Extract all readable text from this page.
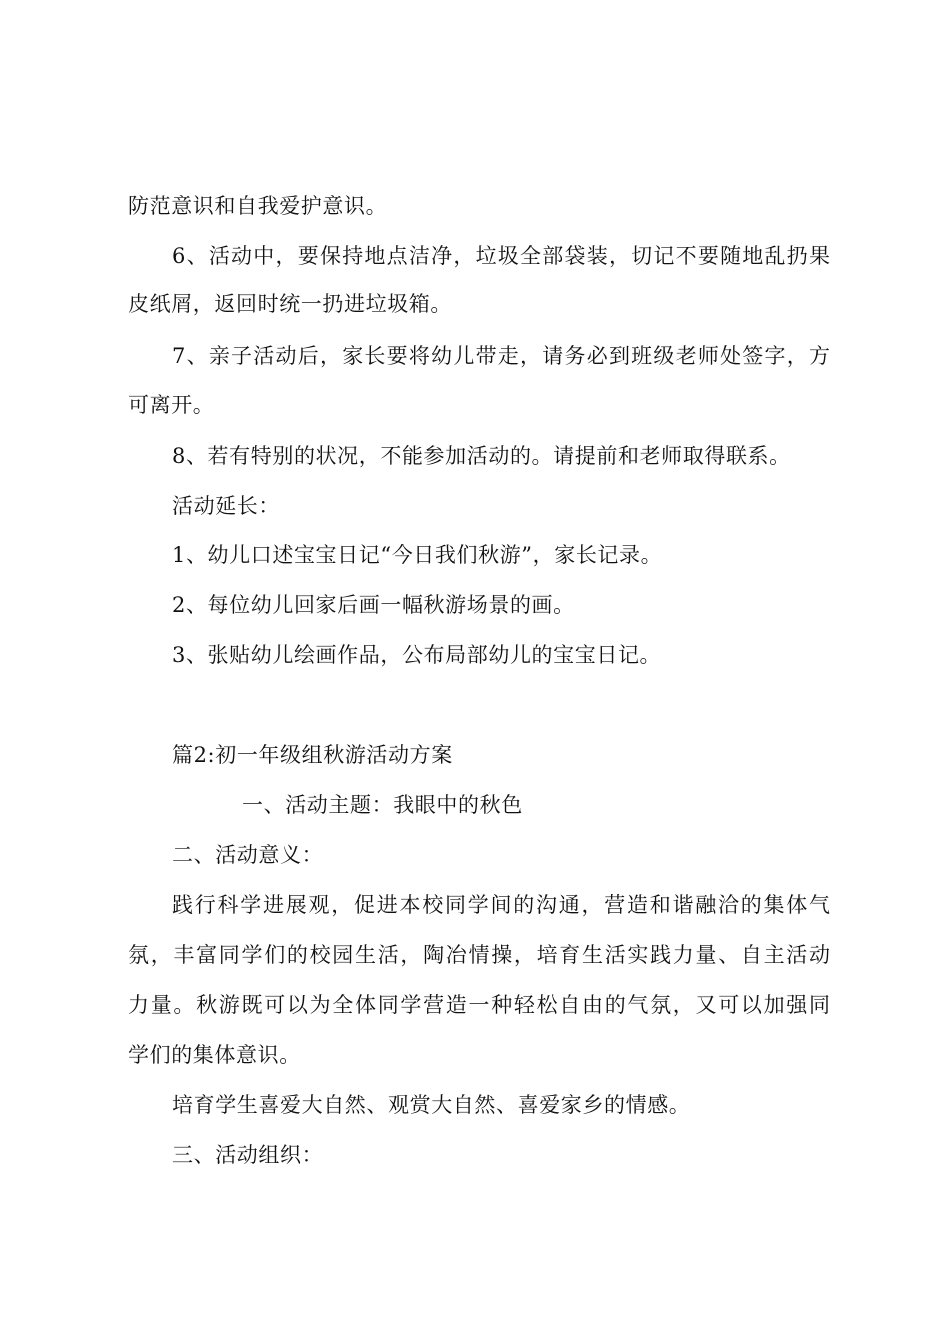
防范意识和自我爱护意识。
6、活动中，要保持地点洁净，垃圾全部袋装，切记不要随地乱扔果
皮纸屑，返回时统一扔进垃圾箱。
7、亲子活动后，家长要将幼儿带走，请务必到班级老师处签字，方
可离开。
8、若有特别的状况，不能参加活动的。请提前和老师取得联系。
活动延长：
1、幼儿口述宝宝日记“今日我们秋游”，家长记录。
2、每位幼儿回家后画一幅秋游场景的画。
3、张贴幼儿绘画作品，公布局部幼儿的宝宝日记。
篇2:初一年级组秋游活动方案
一、活动主题：我眼中的秋色
二、活动意义：
践行科学进展观，促进本校同学间的沟通，营造和谐融洽的集体气
氛，丰富同学们的校园生活，陶冶情操，培育生活实践力量、自主活动
力量。秋游既可以为全体同学营造一种轻松自由的气氛，又可以加强同
学们的集体意识。
培育学生喜爱大自然、观赏大自然、喜爱家乡的情感。
三、活动组织：
